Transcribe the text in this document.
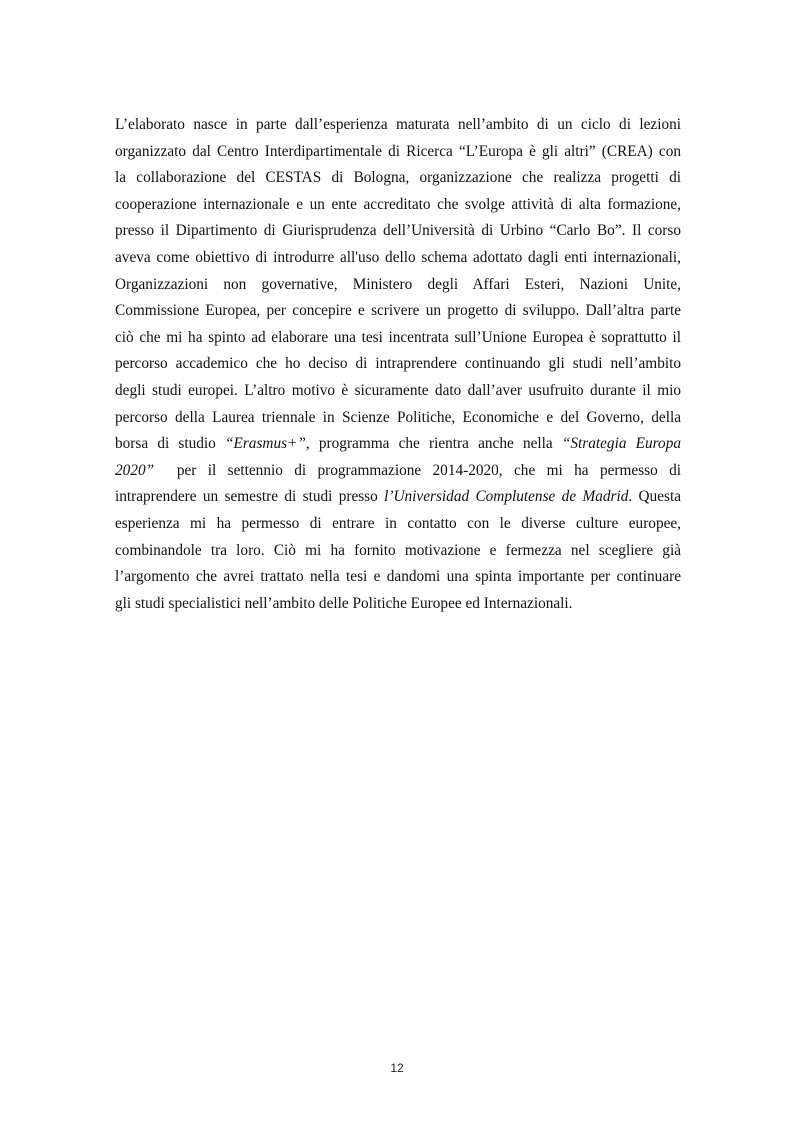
L’elaborato nasce in parte dall’esperienza maturata nell’ambito di un ciclo di lezioni
organizzato dal Centro Interdipartimentale di Ricerca “L’Europa è gli altri” (CREA) con
la collaborazione del CESTAS di Bologna, organizzazione che realizza progetti di
cooperazione internazionale e un ente accreditato che svolge attività di alta formazione,
presso il Dipartimento di Giurisprudenza dell’Università di Urbino “Carlo Bo”. Il corso
aveva come obiettivo di introdurre all'uso dello schema adottato dagli enti internazionali,
Organizzazioni non governative, Ministero degli Affari Esteri, Nazioni Unite,
Commissione Europea, per concepire e scrivere un progetto di sviluppo. Dall’altra parte
ciò che mi ha spinto ad elaborare una tesi incentrata sull’Unione Europea è soprattutto il
percorso accademico che ho deciso di intraprendere continuando gli studi nell’ambito
degli studi europei. L’altro motivo è sicuramente dato dall’aver usufruito durante il mio
percorso della Laurea triennale in Scienze Politiche, Economiche e del Governo, della
borsa di studio “Erasmus+”, programma che rientra anche nella “Strategia Europa
2020”  per il settennio di programmazione 2014-2020, che mi ha permesso di
intraprendere un semestre di studi presso l’Universidad Complutense de Madrid. Questa
esperienza mi ha permesso di entrare in contatto con le diverse culture europee,
combinandole tra loro. Ciò mi ha fornito motivazione e fermezza nel scegliere già
l’argomento che avrei trattato nella tesi e dandomi una spinta importante per continuare
gli studi specialistici nell’ambito delle Politiche Europee ed Internazionali.
12
